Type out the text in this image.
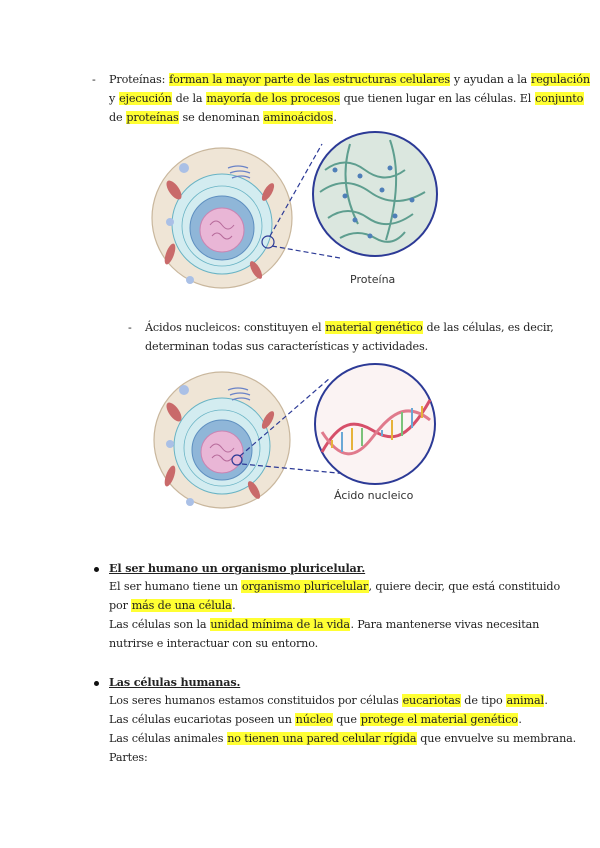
- Proteínas: forman la mayor parte de las estructuras celulares y ayudan a la regulación
y ejecución de la mayoría de los procesos que tienen lugar en las células. El conjunto
de proteínas se denominan aminoácidos.
Proteína
- Ácidos nucleicos: constituyen el material genético de las células, es decir,
determinan todas sus características y actividades.
Ácido nucleico
El ser humano un organismo pluricelular.
El ser humano tiene un organismo pluricelular, quiere decir, que está constituido
por más de una célula.
Las células son la unidad mínima de la vida. Para mantenerse vivas necesitan
nutrirse e interactuar con su entorno.
Las células humanas.
Los seres humanos estamos constituidos por células eucariotas de tipo animal.
Las células eucariotas poseen un núcleo que protege el material genético.
Las células animales no tienen una pared celular rígida que envuelve su membrana.
Partes:
